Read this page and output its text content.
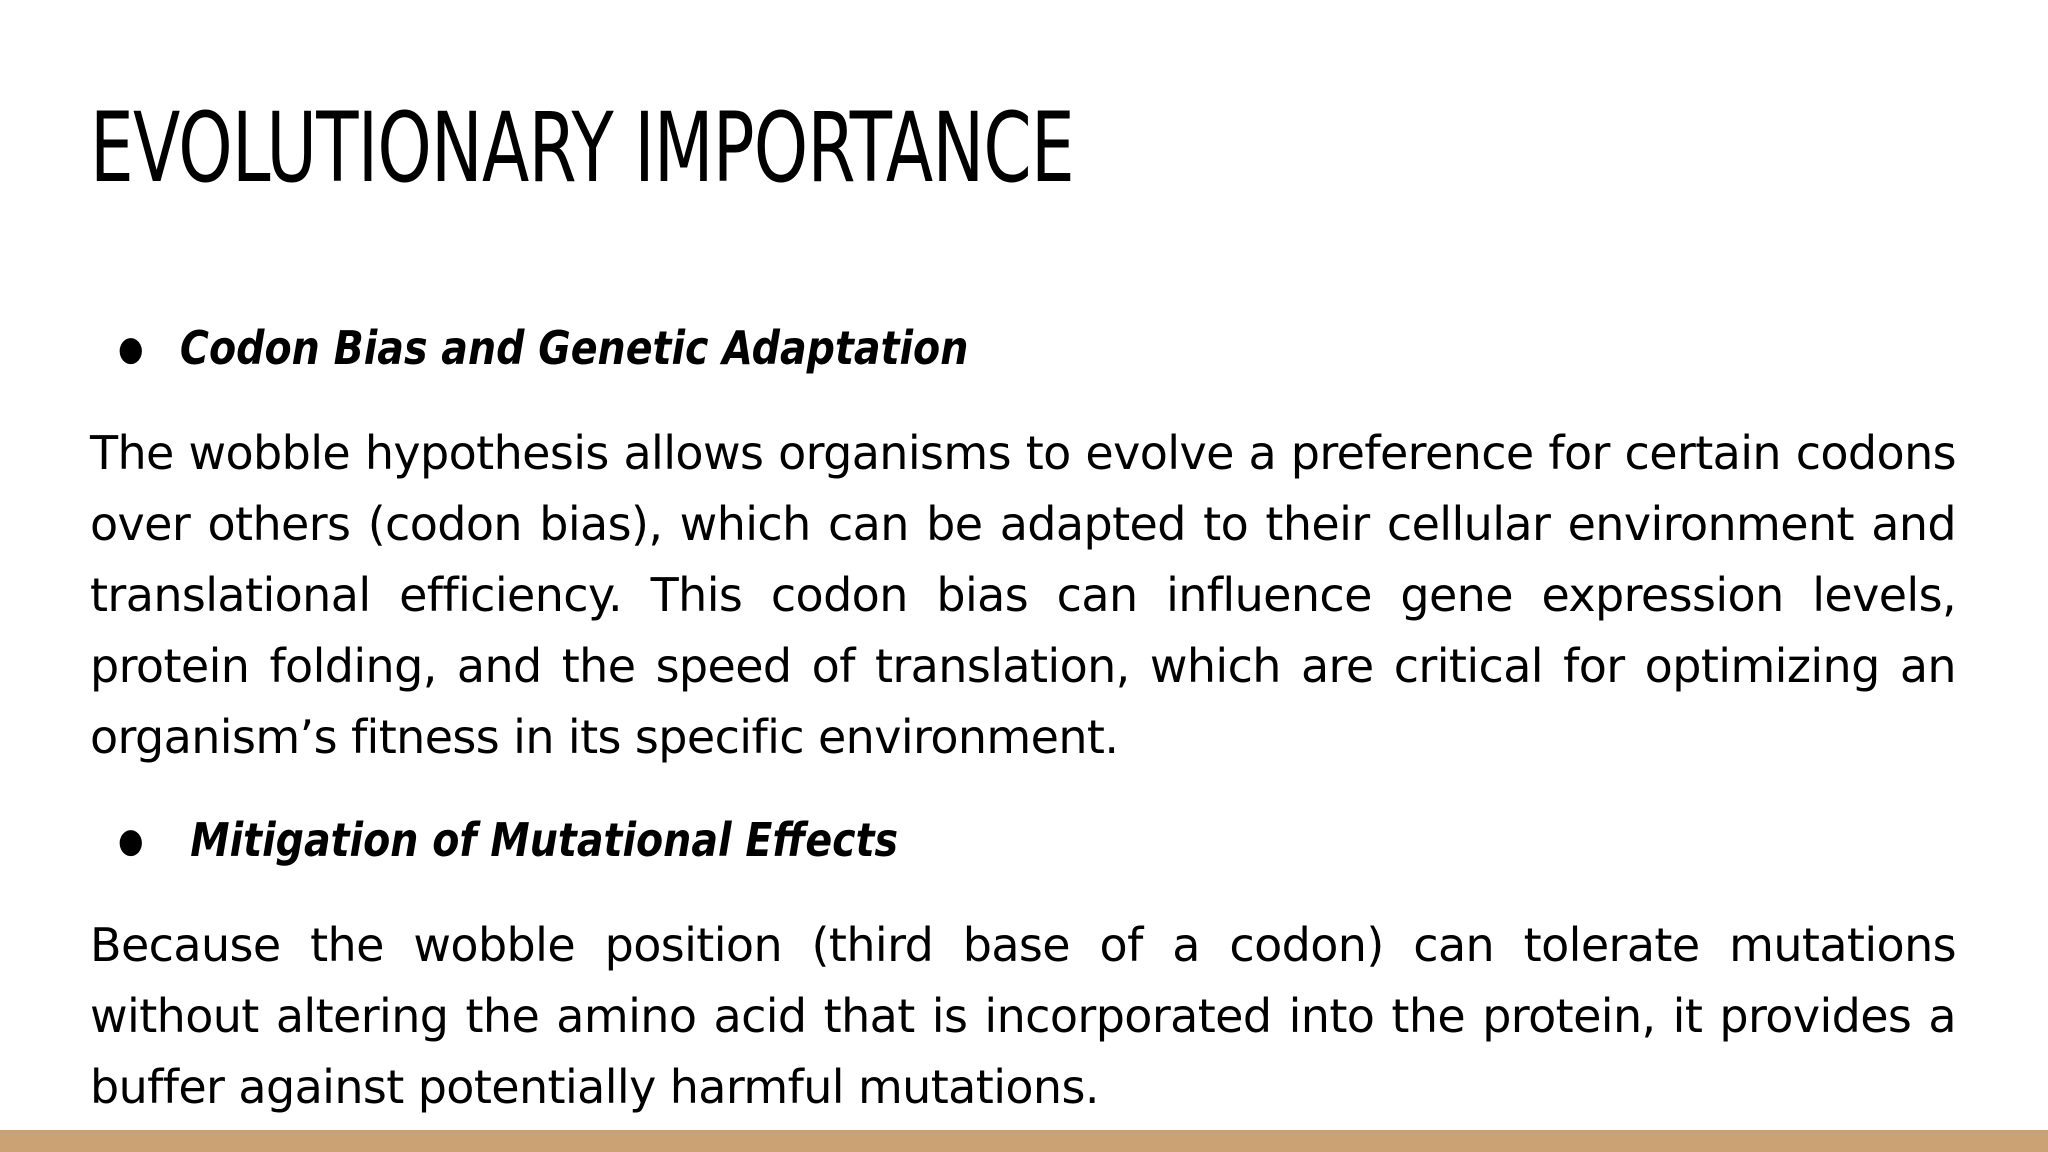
EVOLUTIONARY IMPORTANCE
● Codon Bias and Genetic Adaptation

The wobble hypothesis allows organisms to evolve a preference for certain codons over others (codon bias), which can be adapted to their cellular environment and translational efficiency. This codon bias can influence gene expression levels, protein folding, and the speed of translation, which are critical for optimizing an organism’s fitness in its specific environment.

● Mitigation of Mutational Effects

Because the wobble position (third base of a codon) can tolerate mutations without altering the amino acid that is incorporated into the protein, it provides a buffer against potentially harmful mutations.
